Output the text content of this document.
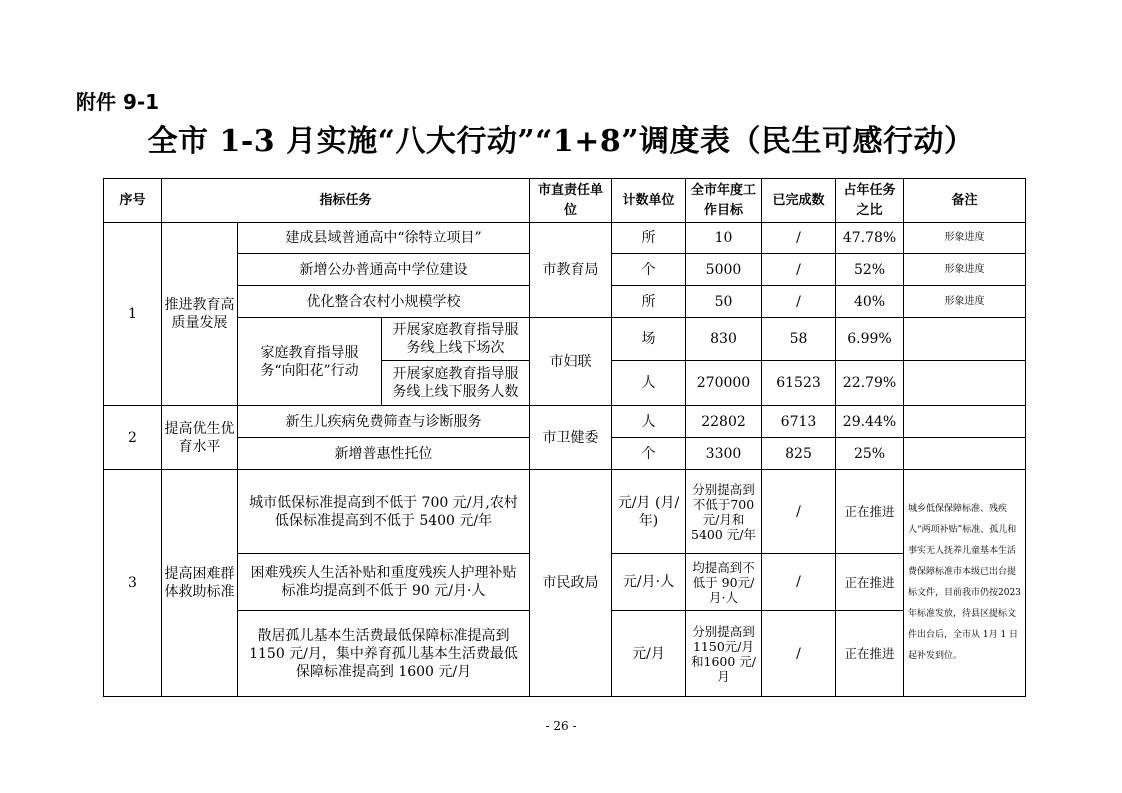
附件 9-1
全市 1-3 月实施“八大行动”“1+8”调度表（民生可感行动）
序号	指标任务			市直责任单位	计数单位	全市年度工作目标	已完成数	占年任务之比	备注
1	推进教育高质量发展	建成县域普通高中“徐特立项目”		市教育局	所	10	/	47.78%	形象进度
		新增公办普通高中学位建设			个	5000	/	52%	形象进度
		优化整合农村小规模学校			所	50	/	40%	形象进度
		家庭教育指导服务“向阳花”行动	开展家庭教育指导服务线上线下场次	市妇联	场	830	58	6.99%	
			开展家庭教育指导服务线上线下服务人数		人	270000	61523	22.79%	
2	提高优生优育水平	新生儿疾病免费筛查与诊断服务		市卫健委	人	22802	6713	29.44%	
		新增普惠性托位			个	3300	825	25%	
3	提高困难群体救助标准	城市低保标准提高到不低于 700 元/月,农村低保标准提高到不低于 5400 元/年		市民政局	元/月 (月/年)	分别提高到不低于700 元/月和 5400 元/年	/	正在推进	城乡低保保障标准、残疾人“两项补贴”标准、孤儿和事实无人抚养儿童基本生活费保障标准市本级已出台提标文件，目前我市仍按2023 年标准发放，待县区提标文件出台后，全市从 1月 1 日起补发到位。
		困难残疾人生活补贴和重度残疾人护理补贴标准均提高到不低于 90 元/月·人			元/月·人	均提高到不低于 90元/月·人	/	正在推进	
		散居孤儿基本生活费最低保障标准提高到1150 元/月，集中养育孤儿基本生活费最低保障标准提高到 1600 元/月			元/月	分别提高到1150元/月和1600 元/月	/	正在推进	
- 26 -
